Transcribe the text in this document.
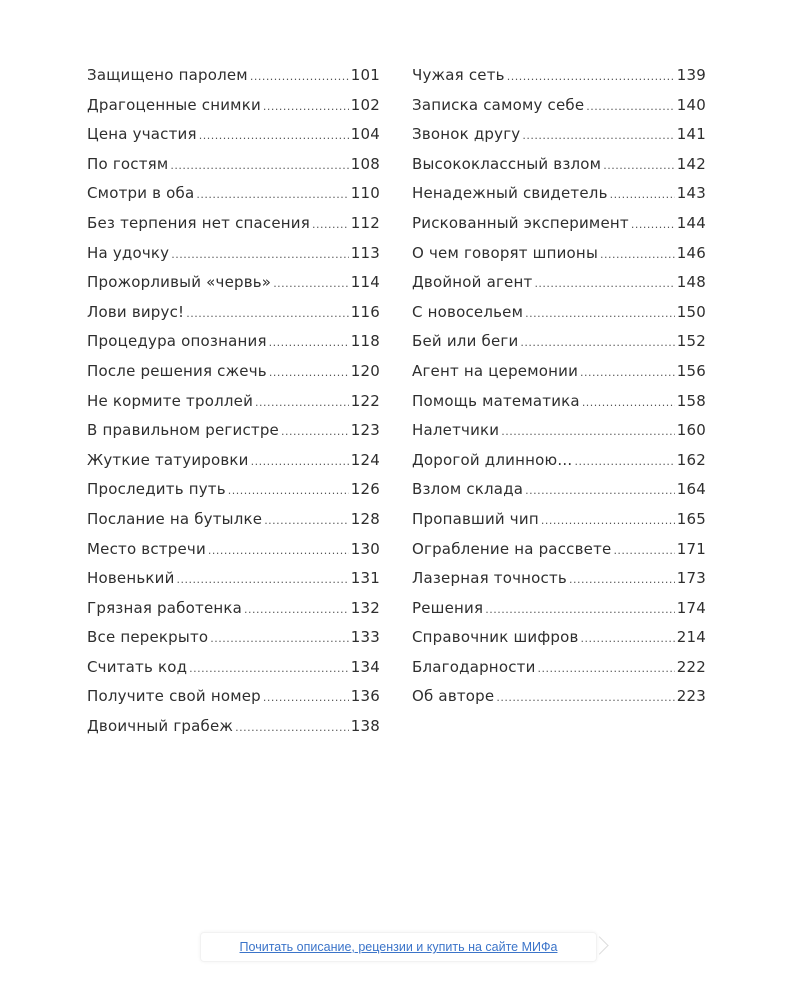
Защищено паролем .....	101
Драгоценные снимки .....	102
Цена участия .....	104
По гостям .....	108
Смотри в оба .....	110
Без терпения нет спасения .....	112
На удочку .....	113
Прожорливый «червь» .....	114
Лови вирус! .....	116
Процедура опознания .....	118
После решения сжечь .....	120
Не кормите троллей .....	122
В правильном регистре .....	123
Жуткие татуировки .....	124
Проследить путь .....	126
Послание на бутылке .....	128
Место встречи .....	130
Новенький .....	131
Грязная работенка .....	132
Все перекрыто .....	133
Считать код .....	134
Получите свой номер .....	136
Двоичный грабеж .....	138
Чужая сеть .....	139
Записка самому себе .....	140
Звонок другу .....	141
Высококлассный взлом .....	142
Ненадежный свидетель .....	143
Рискованный эксперимент .....	144
О чем говорят шпионы .....	146
Двойной агент .....	148
С новосельем .....	150
Бей или беги .....	152
Агент на церемонии .....	156
Помощь математика .....	158
Налетчики .....	160
Дорогой длинною… .....	162
Взлом склада .....	164
Пропавший чип .....	165
Ограбление на рассвете .....	171
Лазерная точность .....	173
Решения .....	174
Справочник шифров .....	214
Благодарности .....	222
Об авторе .....	223
Почитать описание, рецензии и купить на сайте МИФа
